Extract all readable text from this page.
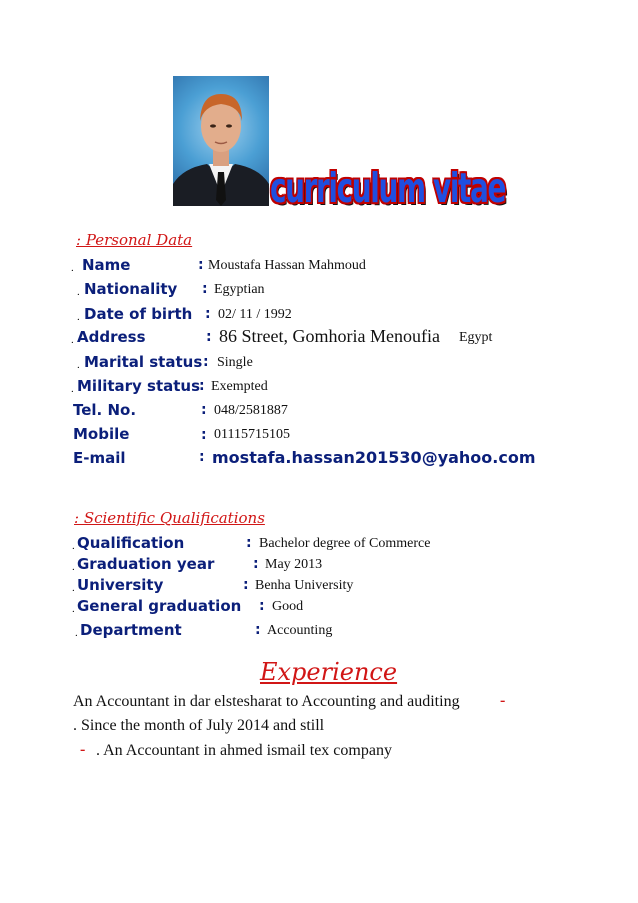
curriculum vitae
: Personal Data
. Name	: Moustafa Hassan Mahmoud
. Nationality : Egyptian
. Date of birth : 02/ 11 / 1992
. Address	: 86 Street, Gomhoria Menoufia Egypt
. Marital status : Single
. Military status
: Exempted
Tel. No.	: 048/2581887
Mobile	: 01115715105
E-mail	: mostafa.hassan201530@yahoo.com
: Scientific Qualifications
. Qualification	: Bachelor degree of Commerce
. Graduation year	: May 2013
. University	: Benha University
. General graduation : Good
. Department	: Accounting
Experience
An Accountant in dar elstesharat to Accounting and auditing	-
. Since the month of July 2014 and still
- . An Accountant in ahmed ismail tex company
